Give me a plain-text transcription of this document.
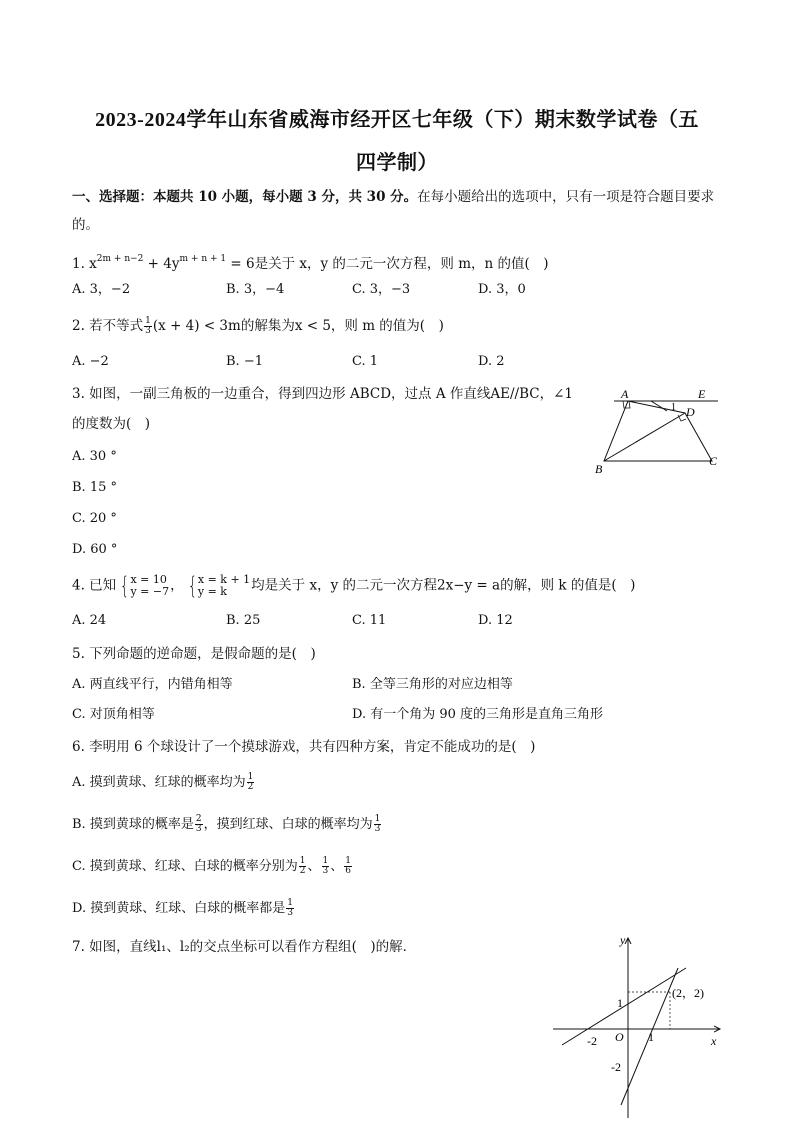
2023-2024学年山东省威海市经开区七年级（下）期末数学试卷（五
四学制）
一、选择题：本题共 10 小题，每小题 3 分，共 30 分。在每小题给出的选项中，只有一项是符合题目要求
的。
1. $x^{2m + n-2} + 4y^{m + n + 1} = 6$是关于 x，y 的二元一次方程，则 m，n 的值(　)
A. 3，−2	B. 3，−4	C. 3，−3	D. 3，0
2. 若不等式 $\frac{1}{3} (x + 4) < 3m$的解集为x < 5，则 m 的值为(　)
A. −2	B. −1	C. 1	D. 2
3. 如图，一副三角板的一边重合，得到四边形 ABCD，过点 A 作直线AE//BC，∠1
的度数为(　)
A. 30 °
B. 15 °
C. 20 °
D. 60 °
A	E
D
B
C
1
4. 已知 { x = 10
y = −7 ， { x = k + 1
y = k	均是关于 x，y 的二元一次方程2x−y = a的解，则 k 的值是(　)
A. 24	B. 25	C. 11	D. 12
5. 下列命题的逆命题，是假命题的是(　)
A. 两直线平行，内错角相等	B. 全等三角形的对应边相等
C. 对顶角相等	D. 有一个角为 90 度的三角形是直角三角形
6. 李明用 6 个球设计了一个摸球游戏，共有四种方案，肯定不能成功的是(　)
A. 摸到黄球、红球的概率均为 $\frac{1}{2}$
B. 摸到黄球的概率是 $\frac{2}{3}$ ，摸到红球、白球的概率均为 $\frac{1}{3}$
C. 摸到黄球、红球、白球的概率分别为 $\frac{1}{2}$ 、 $\frac{1}{3}$ 、 $\frac{1}{6}$
D. 摸到黄球、红球、白球的概率都是 $\frac{1}{3}$
7. 如图，直线l₁、l₂的交点坐标可以看作方程组(　)的解．	y
x
O
(2，2)
1
-2	1
-2
